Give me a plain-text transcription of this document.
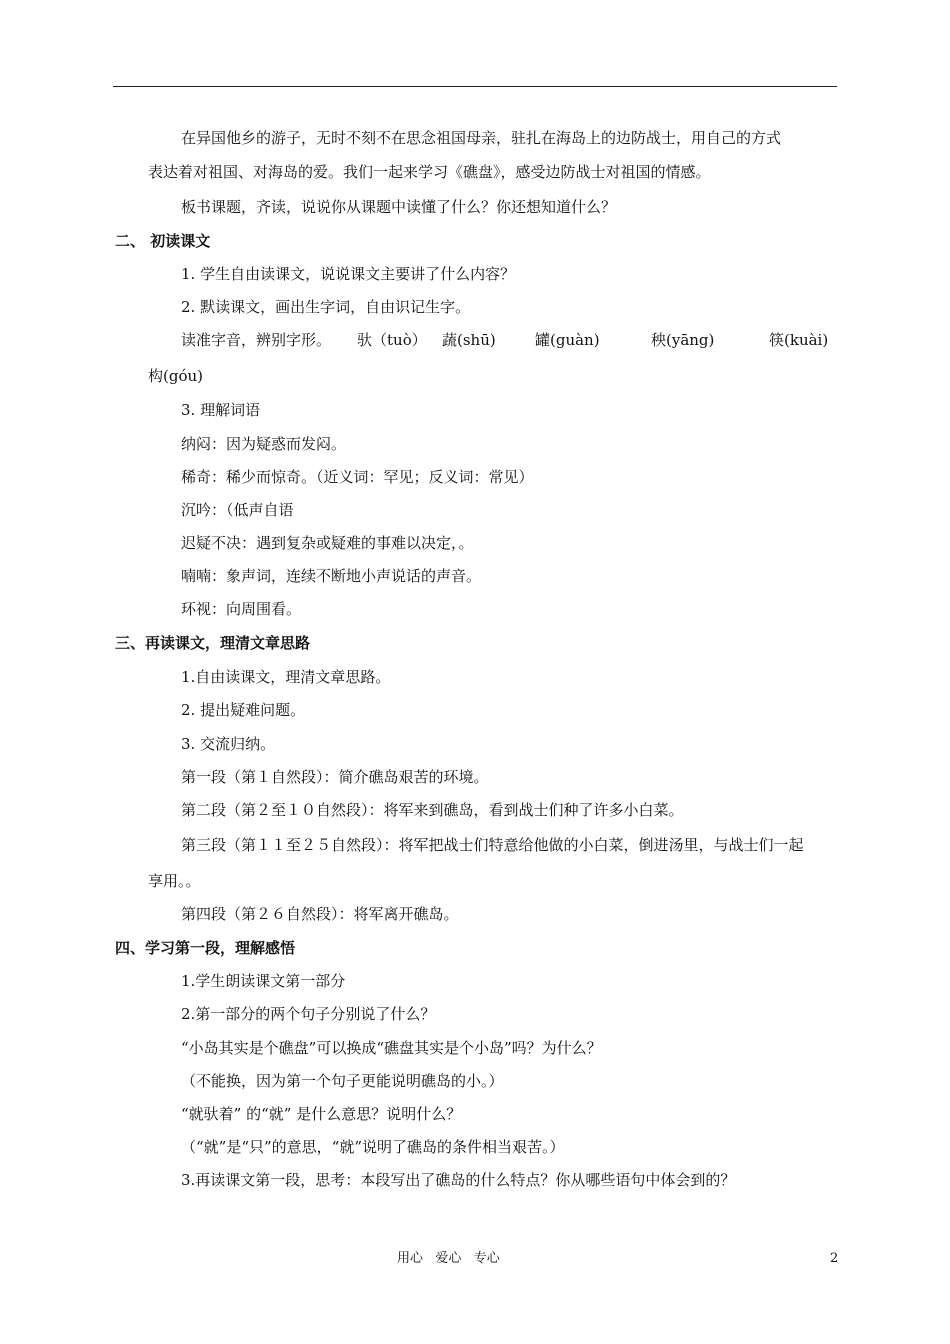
在异国他乡的游子，无时不刻不在思念祖国母亲，驻扎在海岛上的边防战士，用自己的方式
表达着对祖国、对海岛的爱。我们一起来学习《礁盘》，感受边防战士对祖国的情感。
板书课题，齐读，说说你从课题中读懂了什么？你还想知道什么？
二、 初读课文
1. 学生自由读课文，说说课文主要讲了什么内容？
2. 默读课文，画出生字词，自由识记生字。
读准字音，辨别字形。 驮（tuò） 蔬(shū)	罐(guàn)	秧(yāng)	筷(kuài)
构(góu)
3. 理解词语
纳闷：因为疑惑而发闷。
稀奇：稀少而惊奇。（近义词：罕见；反义词：常见）
沉吟：（低声自语
迟疑不决：遇到复杂或疑难的事难以决定，。
喃喃：象声词，连续不断地小声说话的声音。
环视：向周围看。
三、再读课文，理清文章思路
1.自由读课文，理清文章思路。
2. 提出疑难问题。
3. 交流归纳。
第一段（第１自然段）：简介礁岛艰苦的环境。
第二段（第２至１０自然段）：将军来到礁岛，看到战士们种了许多小白菜。
第三段（第１１至２５自然段）：将军把战士们特意给他做的小白菜，倒进汤里，与战士们一起
享用。。
第四段（第２６自然段）：将军离开礁岛。
四、学习第一段，理解感悟
1.学生朗读课文第一部分
2.第一部分的两个句子分别说了什么？
“小岛其实是个礁盘”可以换成“礁盘其实是个小岛”吗？为什么？
（不能换，因为第一个句子更能说明礁岛的小。）
“就驮着” 的“就” 是什么意思？说明什么？
（“就”是“只”的意思，“就”说明了礁岛的条件相当艰苦。）
3.再读课文第一段，思考：本段写出了礁岛的什么特点？你从哪些语句中体会到的？
用心   爱心   专心	2
